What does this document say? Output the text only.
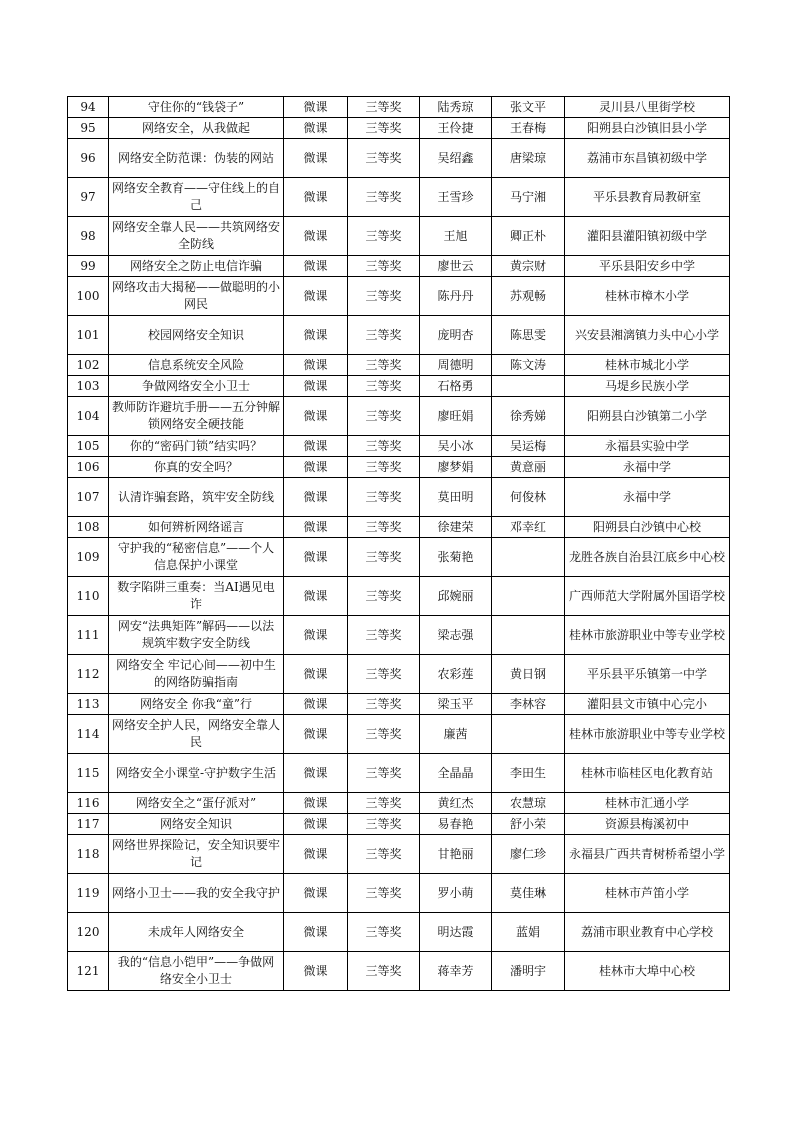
94	守住你的“钱袋子”	微课	三等奖	陆秀琼	张文平	灵川县八里街学校
95	网络安全，从我做起	微课	三等奖	王伶捷	王春梅	阳朔县白沙镇旧县小学
96	网络安全防范课：伪装的网站	微课	三等奖	吴绍鑫	唐梁琼	荔浦市东昌镇初级中学
97	网络安全教育——守住线上的自己	微课	三等奖	王雪珍	马宁湘	平乐县教育局教研室
98	网络安全靠人民——共筑网络安全防线	微课	三等奖	王旭	卿正朴	灌阳县灌阳镇初级中学
99	网络安全之防止电信诈骗	微课	三等奖	廖世云	黄宗财	平乐县阳安乡中学
100	网络攻击大揭秘——做聪明的小网民	微课	三等奖	陈丹丹	苏观畅	桂林市樟木小学
101	校园网络安全知识	微课	三等奖	庞明杏	陈思雯	兴安县湘漓镇力头中心小学
102	信息系统安全风险	微课	三等奖	周德明	陈文涛	桂林市城北小学
103	争做网络安全小卫士	微课	三等奖	石格勇		马堤乡民族小学
104	教师防诈避坑手册——五分钟解锁网络安全硬技能	微课	三等奖	廖旺娟	徐秀娣	阳朔县白沙镇第二小学
105	你的“密码门锁”结实吗？	微课	三等奖	吴小冰	吴运梅	永福县实验中学
106	你真的安全吗？	微课	三等奖	廖梦娟	黄意丽	永福中学
107	认清诈骗套路，筑牢安全防线	微课	三等奖	莫田明	何俊林	永福中学
108	如何辨析网络谣言	微课	三等奖	徐建荣	邓幸红	阳朔县白沙镇中心校
109	守护我的“秘密信息”——个人信息保护小课堂	微课	三等奖	张菊艳		龙胜各族自治县江底乡中心校
110	数字陷阱三重奏：当AI遇见电诈	微课	三等奖	邱婉丽		广西师范大学附属外国语学校
111	网安“法典矩阵”解码——以法规筑牢数字安全防线	微课	三等奖	梁志强		桂林市旅游职业中等专业学校
112	网络安全 牢记心间——初中生的网络防骗指南	微课	三等奖	农彩莲	黄日钢	平乐县平乐镇第一中学
113	网络安全 你我“童”行	微课	三等奖	梁玉平	李林容	灌阳县文市镇中心完小
114	网络安全护人民，网络安全靠人民	微课	三等奖	廉茜		桂林市旅游职业中等专业学校
115	网络安全小课堂-守护数字生活	微课	三等奖	全晶晶	李田生	桂林市临桂区电化教育站
116	网络安全之“蛋仔派对”	微课	三等奖	黄红杰	农慧琼	桂林市汇通小学
117	网络安全知识	微课	三等奖	易春艳	舒小荣	资源县梅溪初中
118	网络世界探险记，安全知识要牢记	微课	三等奖	甘艳丽	廖仁珍	永福县广西共青树桥希望小学
119	网络小卫士——我的安全我守护	微课	三等奖	罗小萌	莫佳琳	桂林市芦笛小学
120	未成年人网络安全	微课	三等奖	明达霞	蓝娟	荔浦市职业教育中心学校
121	我的“信息小铠甲”——争做网络安全小卫士	微课	三等奖	蒋幸芳	潘明宇	桂林市大埠中心校
